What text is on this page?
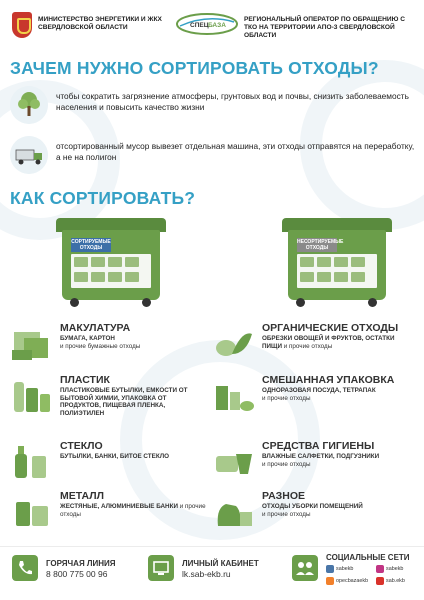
МИНИСТЕРСТВО ЭНЕРГЕТИКИ И ЖКХ СВЕРДЛОВСКОЙ ОБЛАСТИ	СПЕЦ БАЗА
РЕГИОНАЛЬНЫЙ ОПЕРАТОР ПО ОБРАЩЕНИЮ С ТКО НА ТЕРРИТОРИИ АПО-3 СВЕРДЛОВСКОЙ ОБЛАСТИ
ЗАЧЕМ НУЖНО СОРТИРОВАТЬ ОТХОДЫ?
чтобы сократить загрязнение атмосферы, грунтовых вод и почвы, снизить заболеваемость населения и повысить качество жизни
отсортированный мусор вывезет отдельная машина, эти отходы отправятся на переработку, а не на полигон
КАК СОРТИРОВАТЬ?
СОРТИРУЕМЫЕ ОТХОДЫ
НЕСОРТИРУЕМЫЕ ОТХОДЫ
МАКУЛАТУРА
БУМАГА, КАРТОН
и прочие бумажные отходы
ПЛАСТИК
ПЛАСТИКОВЫЕ БУТЫЛКИ, ЕМКОСТИ ОТ БЫТОВОЙ ХИМИИ, УПАКОВКА ОТ ПРОДУКТОВ, ПИЩЕВАЯ ПЛЕНКА, ПОЛИЭТИЛЕН
СТЕКЛО
БУТЫЛКИ, БАНКИ, БИТОЕ СТЕКЛО
МЕТАЛЛ
ЖЕСТЯНЫЕ, АЛЮМИНИЕВЫЕ БАНКИ и прочие отходы
ОРГАНИЧЕСКИЕ ОТХОДЫ
ОБРЕЗКИ ОВОЩЕЙ И ФРУКТОВ, ОСТАТКИ ПИЩИ и прочие отходы
СМЕШАННАЯ УПАКОВКА
ОДНОРАЗОВАЯ ПОСУДА, ТЕТРАПАК
и прочие отходы
СРЕДСТВА ГИГИЕНЫ
ВЛАЖНЫЕ САЛФЕТКИ, ПОДГУЗНИКИ
и прочие отходы
РАЗНОЕ
ОТХОДЫ УБОРКИ ПОМЕЩЕНИЙ
и прочие отходы
ГОРЯЧАЯ ЛИНИЯ
8 800 775 00 96
ЛИЧНЫЙ КАБИНЕТ
lk.sab-ekb.ru
СОЦИАЛЬНЫЕ СЕТИ
sabekb	sabekb
opecbazaekb	sab.ekb
